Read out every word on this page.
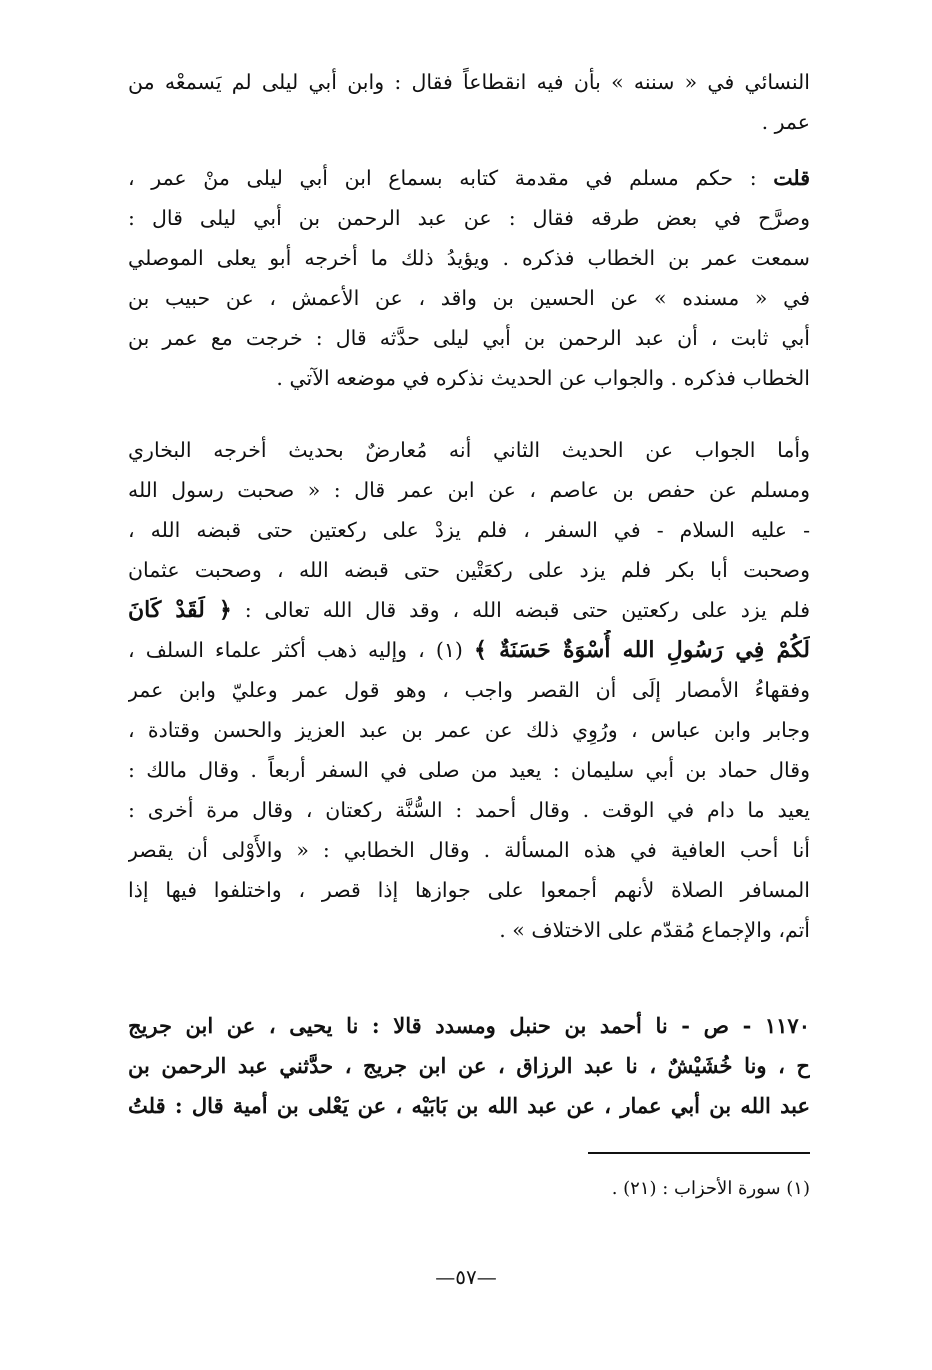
النسائي في « سننه » بأن فيه انقطاعاً فقال : وابن أبي ليلى لم يَسمعْه من
عمر .
قلت : حكم مسلم في مقدمة كتابه بسماع ابن أبي ليلى منْ عمر ،
وصرَّح في بعض طرقه فقال : عن عبد الرحمن بن أبي ليلى قال :
سمعت عمر بن الخطاب فذكره . ويؤيدُ ذلك ما أخرجه أبو يعلى الموصلي
في « مسنده » عن الحسين بن واقد ، عن الأعمش ، عن حبيب بن
أبي ثابت ، أن عبد الرحمن بن أبي ليلى حدَّثه قال : خرجت مع عمر بن
الخطاب فذكره . والجواب عن الحديث نذكره في موضعه الآتي .
وأما الجواب عن الحديث الثاني أنه مُعارضٌ بحديث أخرجه البخاري
ومسلم عن حفص بن عاصم ، عن ابن عمر قال : « صحبت رسول الله
- عليه السلام - في السفر ، فلم يزدْ على ركعتين حتى قبضه الله ،
وصحبت أبا بكر فلم يزد على ركعَتْين حتى قبضه الله ، وصحبت عثمان
فلم يزد على ركعتين حتى قبضه الله ، وقد قال الله تعالى : ﴿ لَقَدْ كَانَ
لَكُمْ فِي رَسُولِ الله أُسْوَةٌ حَسَنَةٌ ﴾ (١) ، وإليه ذهب أكثر علماء السلف ،
وفقهاءُ الأمصار إلَى أن القصر واجب ، وهو قول عمر وعليّ وابن عمر
وجابر وابن عباس ، ورُوِي ذلك عن عمر بن عبد العزيز والحسن وقتادة ،
وقال حماد بن أبي سليمان : يعيد من صلى في السفر أربعاً . وقال مالك :
يعيد ما دام في الوقت . وقال أحمد : السُّنَّة ركعتان ، وقال مرة أخرى :
أنا أحب العافية في هذه المسألة . وقال الخطابي : « والأَوْلى أن يقصر
المسافر الصلاة لأنهم أجمعوا على جوازها إذا قصر ، واختلفوا فيها إذا
أتم، والإجماع مُقدّم على الاختلاف » .
١١٧٠ - ص - نا أحمد بن حنبل ومسدد قالا : نا يحيى ، عن ابن جريج
ح ، ونا خُشَيْشٌ ، نا عبد الرزاق ، عن ابن جريج ، حدَّثني عبد الرحمن بن
عبد الله بن أبي عمار ، عن عبد الله بن بَابَيْه ، عن يَعْلى بن أمية قال : قلتُ
(١) سورة الأحزاب : (٢١) .
—٥٧—
